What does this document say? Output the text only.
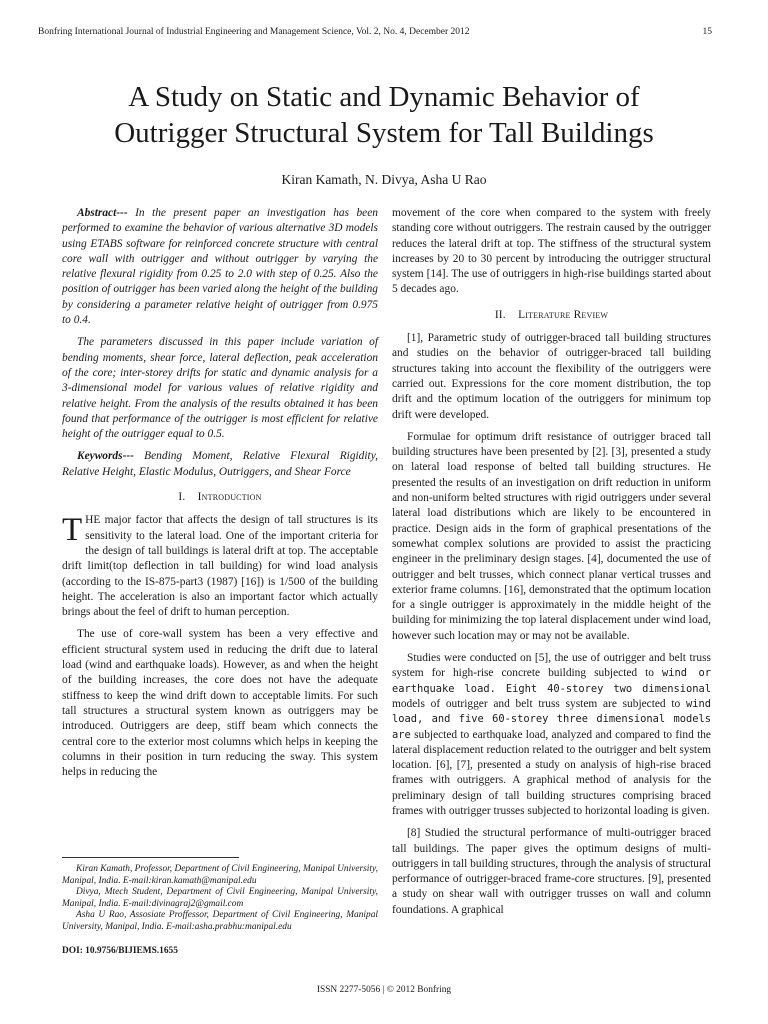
Bonfring International Journal of Industrial Engineering and Management Science, Vol. 2, No. 4, December 2012	15
A Study on Static and Dynamic Behavior of
Outrigger Structural System for Tall Buildings
Kiran Kamath, N. Divya, Asha U Rao

Abstract--- In the present paper an investigation has been performed to examine the behavior of various alternative 3D models using ETABS software for reinforced concrete structure with central core wall with outrigger and without outrigger by varying the relative flexural rigidity from 0.25 to 2.0 with step of 0.25. Also the position of outrigger has been varied along the height of the building by considering a parameter relative height of outrigger from 0.975 to 0.4.

The parameters discussed in this paper include variation of bending moments, shear force, lateral deflection, peak acceleration of the core; inter-storey drifts for static and dynamic analysis for a 3-dimensional model for various values of relative rigidity and relative height. From the analysis of the results obtained it has been found that performance of the outrigger is most efficient for relative height of the outrigger equal to 0.5.

Keywords--- Bending Moment, Relative Flexural Rigidity, Relative Height, Elastic Modulus, Outriggers, and Shear Force

I. Introduction

THE major factor that affects the design of tall structures is its sensitivity to the lateral load. One of the important criteria for the design of tall buildings is lateral drift at top. The acceptable drift limit(top deflection in tall building) for wind load analysis (according to the IS-875-part3 (1987) [16]) is 1/500 of the building height. The acceleration is also an important factor which actually brings about the feel of drift to human perception.

The use of core-wall system has been a very effective and efficient structural system used in reducing the drift due to lateral load (wind and earthquake loads). However, as and when the height of the building increases, the core does not have the adequate stiffness to keep the wind drift down to acceptable limits. For such tall structures a structural system known as outriggers may be introduced. Outriggers are deep, stiff beam which connects the central core to the exterior most columns which helps in keeping the columns in their position in turn reducing the sway. This system helps in reducing the

Kiran Kamath, Professor, Department of Civil Engineering, Manipal University, Manipal, India. E-mail:kiran.kamath@manipal.edu
Divya, Mtech Student, Department of Civil Engineering, Manipal University, Manipal, India. E-mail:divinagraj2@gmail.com
Asha U Rao, Assosiate Proffessor, Department of Civil Engineering, Manipal University, Manipal, India. E-mail:asha.prabhu:manipal.edu
DOI: 10.9756/BIJIEMS.1655

movement of the core when compared to the system with freely standing core without outriggers. The restrain caused by the outrigger reduces the lateral drift at top. The stiffness of the structural system increases by 20 to 30 percent by introducing the outrigger structural system [14]. The use of outriggers in high-rise buildings started about 5 decades ago.

II. Literature Review

[1], Parametric study of outrigger-braced tall building structures and studies on the behavior of outrigger-braced tall building structures taking into account the flexibility of the outriggers were carried out. Expressions for the core moment distribution, the top drift and the optimum location of the outriggers for minimum top drift were developed.

Formulae for optimum drift resistance of outrigger braced tall building structures have been presented by [2]. [3], presented a study on lateral load response of belted tall building structures. He presented the results of an investigation on drift reduction in uniform and non-uniform belted structures with rigid outriggers under several lateral load distributions which are likely to be encountered in practice. Design aids in the form of graphical presentations of the somewhat complex solutions are provided to assist the practicing engineer in the preliminary design stages. [4], documented the use of outrigger and belt trusses, which connect planar vertical trusses and exterior frame columns. [16], demonstrated that the optimum location for a single outrigger is approximately in the middle height of the building for minimizing the top lateral displacement under wind load, however such location may or may not be available.

Studies were conducted on [5], the use of outrigger and belt truss system for high-rise concrete building subjected to wind or earthquake load. Eight 40-storey two dimensional models of outrigger and belt truss system are subjected to wind load, and five 60-storey three dimensional models are subjected to earthquake load, analyzed and compared to find the lateral displacement reduction related to the outrigger and belt system location. [6], [7], presented a study on analysis of high-rise braced frames with outriggers. A graphical method of analysis for the preliminary design of tall building structures comprising braced frames with outrigger trusses subjected to horizontal loading is given.

[8] Studied the structural performance of multi-outrigger braced tall buildings. The paper gives the optimum designs of multi-outriggers in tall building structures, through the analysis of structural performance of outrigger-braced frame-core structures. [9], presented a study on shear wall with outrigger trusses on wall and column foundations. A graphical

ISSN 2277-5056 | © 2012 Bonfring
